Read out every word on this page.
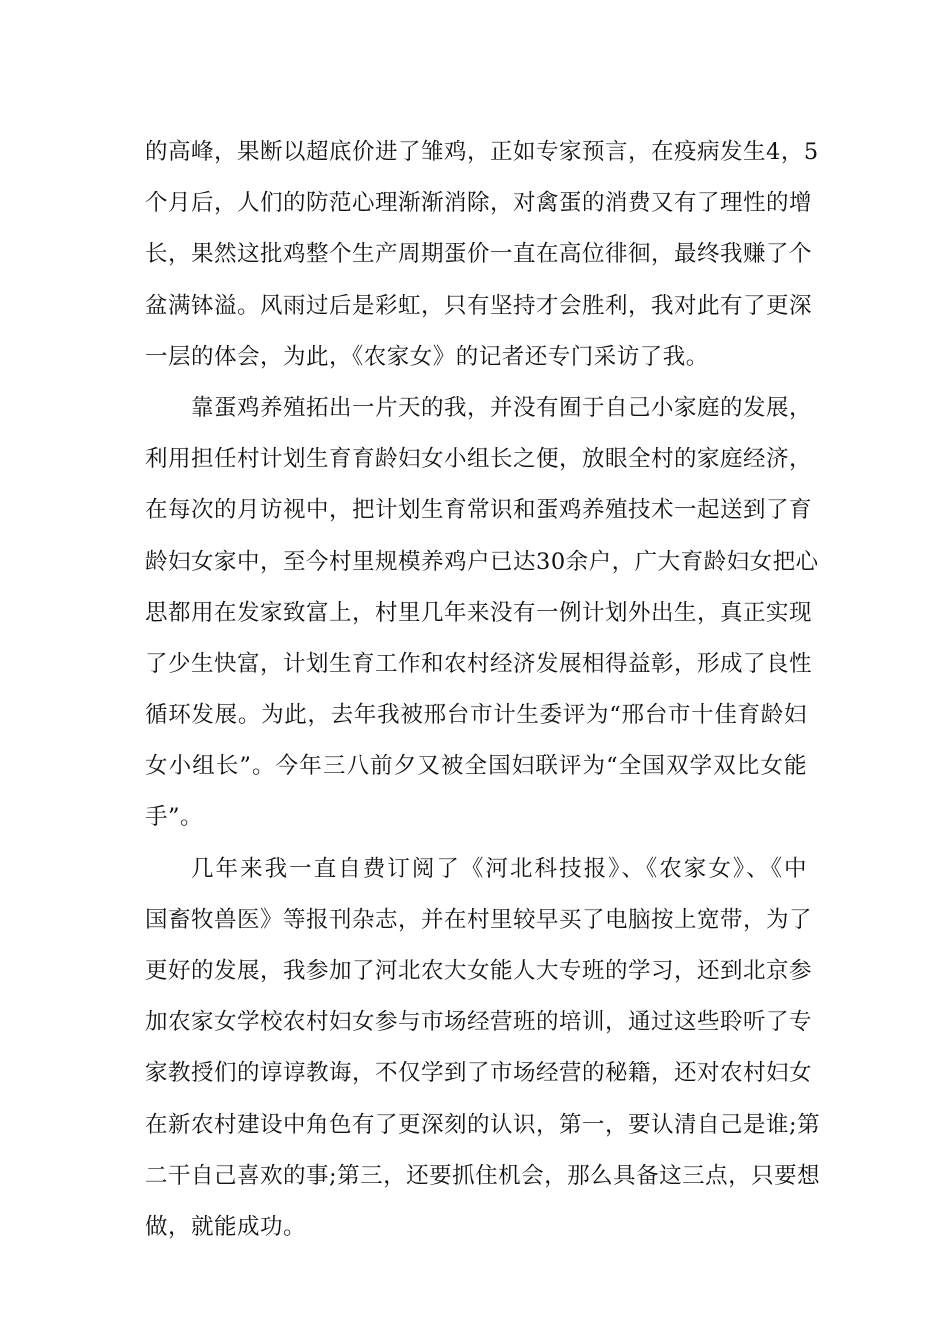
的高峰，果断以超底价进了雏鸡，正如专家预言，在疫病发生4，5
个月后，人们的防范心理渐渐消除，对禽蛋的消费又有了理性的增
长，果然这批鸡整个生产周期蛋价一直在高位徘徊，最终我赚了个
盆满钵溢。风雨过后是彩虹，只有坚持才会胜利，我对此有了更深
一层的体会，为此，《农家女》的记者还专门采访了我。
靠蛋鸡养殖拓出一片天的我，并没有囿于自己小家庭的发展，
利用担任村计划生育育龄妇女小组长之便，放眼全村的家庭经济，
在每次的月访视中，把计划生育常识和蛋鸡养殖技术一起送到了育
龄妇女家中，至今村里规模养鸡户已达30余户，广大育龄妇女把心
思都用在发家致富上，村里几年来没有一例计划外出生，真正实现
了少生快富，计划生育工作和农村经济发展相得益彰，形成了良性
循环发展。为此，去年我被邢台市计生委评为“邢台市十佳育龄妇
女小组长”。今年三八前夕又被全国妇联评为“全国双学双比女能
手”。
几年来我一直自费订阅了《河北科技报》、《农家女》、《中
国畜牧兽医》等报刊杂志，并在村里较早买了电脑按上宽带，为了
更好的发展，我参加了河北农大女能人大专班的学习，还到北京参
加农家女学校农村妇女参与市场经营班的培训，通过这些聆听了专
家教授们的谆谆教诲，不仅学到了市场经营的秘籍，还对农村妇女
在新农村建设中角色有了更深刻的认识，第一，要认清自己是谁;第
二干自己喜欢的事;第三，还要抓住机会，那么具备这三点，只要想
做，就能成功。
